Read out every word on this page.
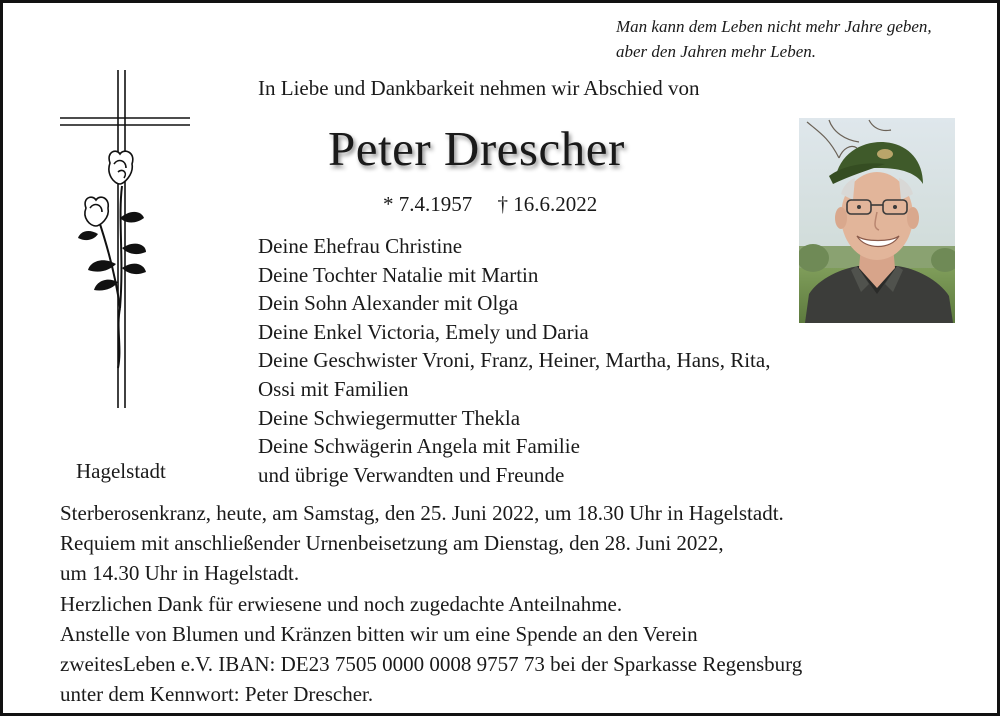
Man kann dem Leben nicht mehr Jahre geben,
aber den Jahren mehr Leben.
In Liebe und Dankbarkeit nehmen wir Abschied von
Peter Drescher
* 7.4.1957 † 16.6.2022
Deine Ehefrau Christine
Deine Tochter Natalie mit Martin
Dein Sohn Alexander mit Olga
Deine Enkel Victoria, Emely und Daria
Deine Geschwister Vroni, Franz, Heiner, Martha, Hans, Rita,
Ossi mit Familien
Deine Schwiegermutter Thekla
Deine Schwägerin Angela mit Familie
und übrige Verwandten und Freunde
Hagelstadt
Sterberosenkranz, heute, am Samstag, den 25. Juni 2022, um 18.30 Uhr in Hagelstadt.
Requiem mit anschließender Urnenbeisetzung am Dienstag, den 28. Juni 2022,
um 14.30 Uhr in Hagelstadt.
Herzlichen Dank für erwiesene und noch zugedachte Anteilnahme.
Anstelle von Blumen und Kränzen bitten wir um eine Spende an den Verein
zweitesLeben e.V. IBAN: DE23 7505 0000 0008 9757 73 bei der Sparkasse Regensburg
unter dem Kennwort: Peter Drescher.
